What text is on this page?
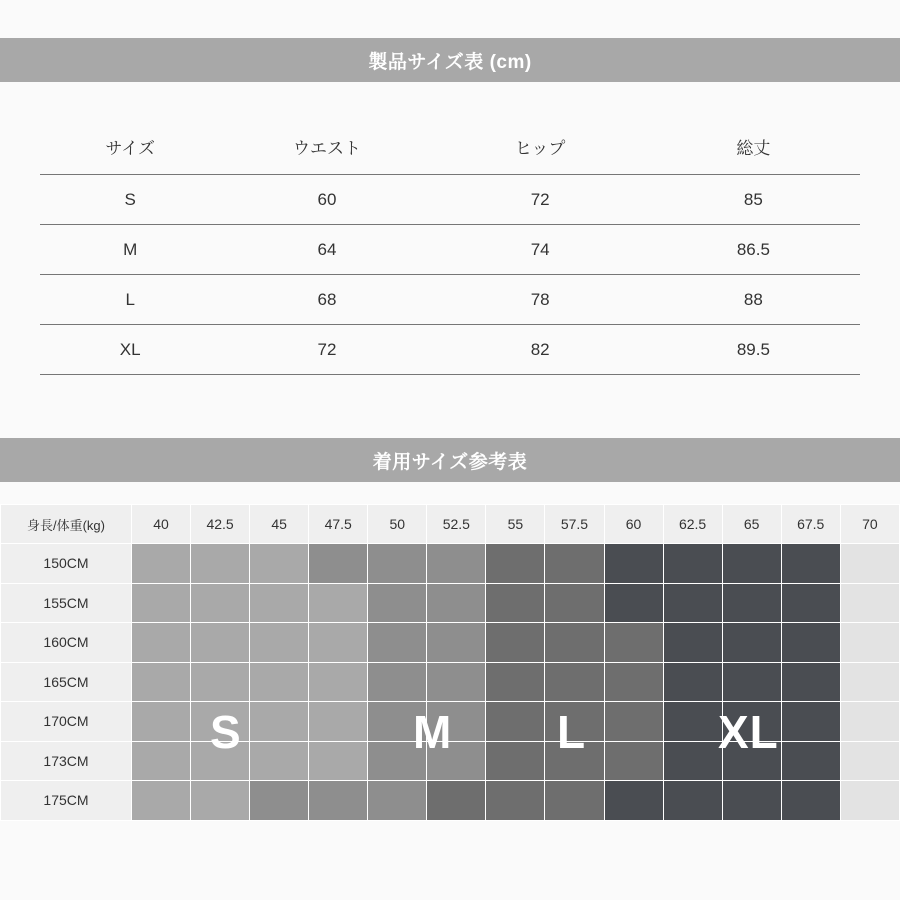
製品サイズ表 (cm)
サイズ	ウエスト	ヒップ	総丈
S	60	72	85
M	64	74	86.5
L	68	78	88
XL	72	82	89.5
着用サイズ参考表
身長/体重(kg)	40	42.5	45	47.5	50	52.5	55	57.5	60	62.5	65	67.5	70
150CM													
155CM													
160CM													
165CM													
170CM													
173CM													
175CM													
S	M L	XL
